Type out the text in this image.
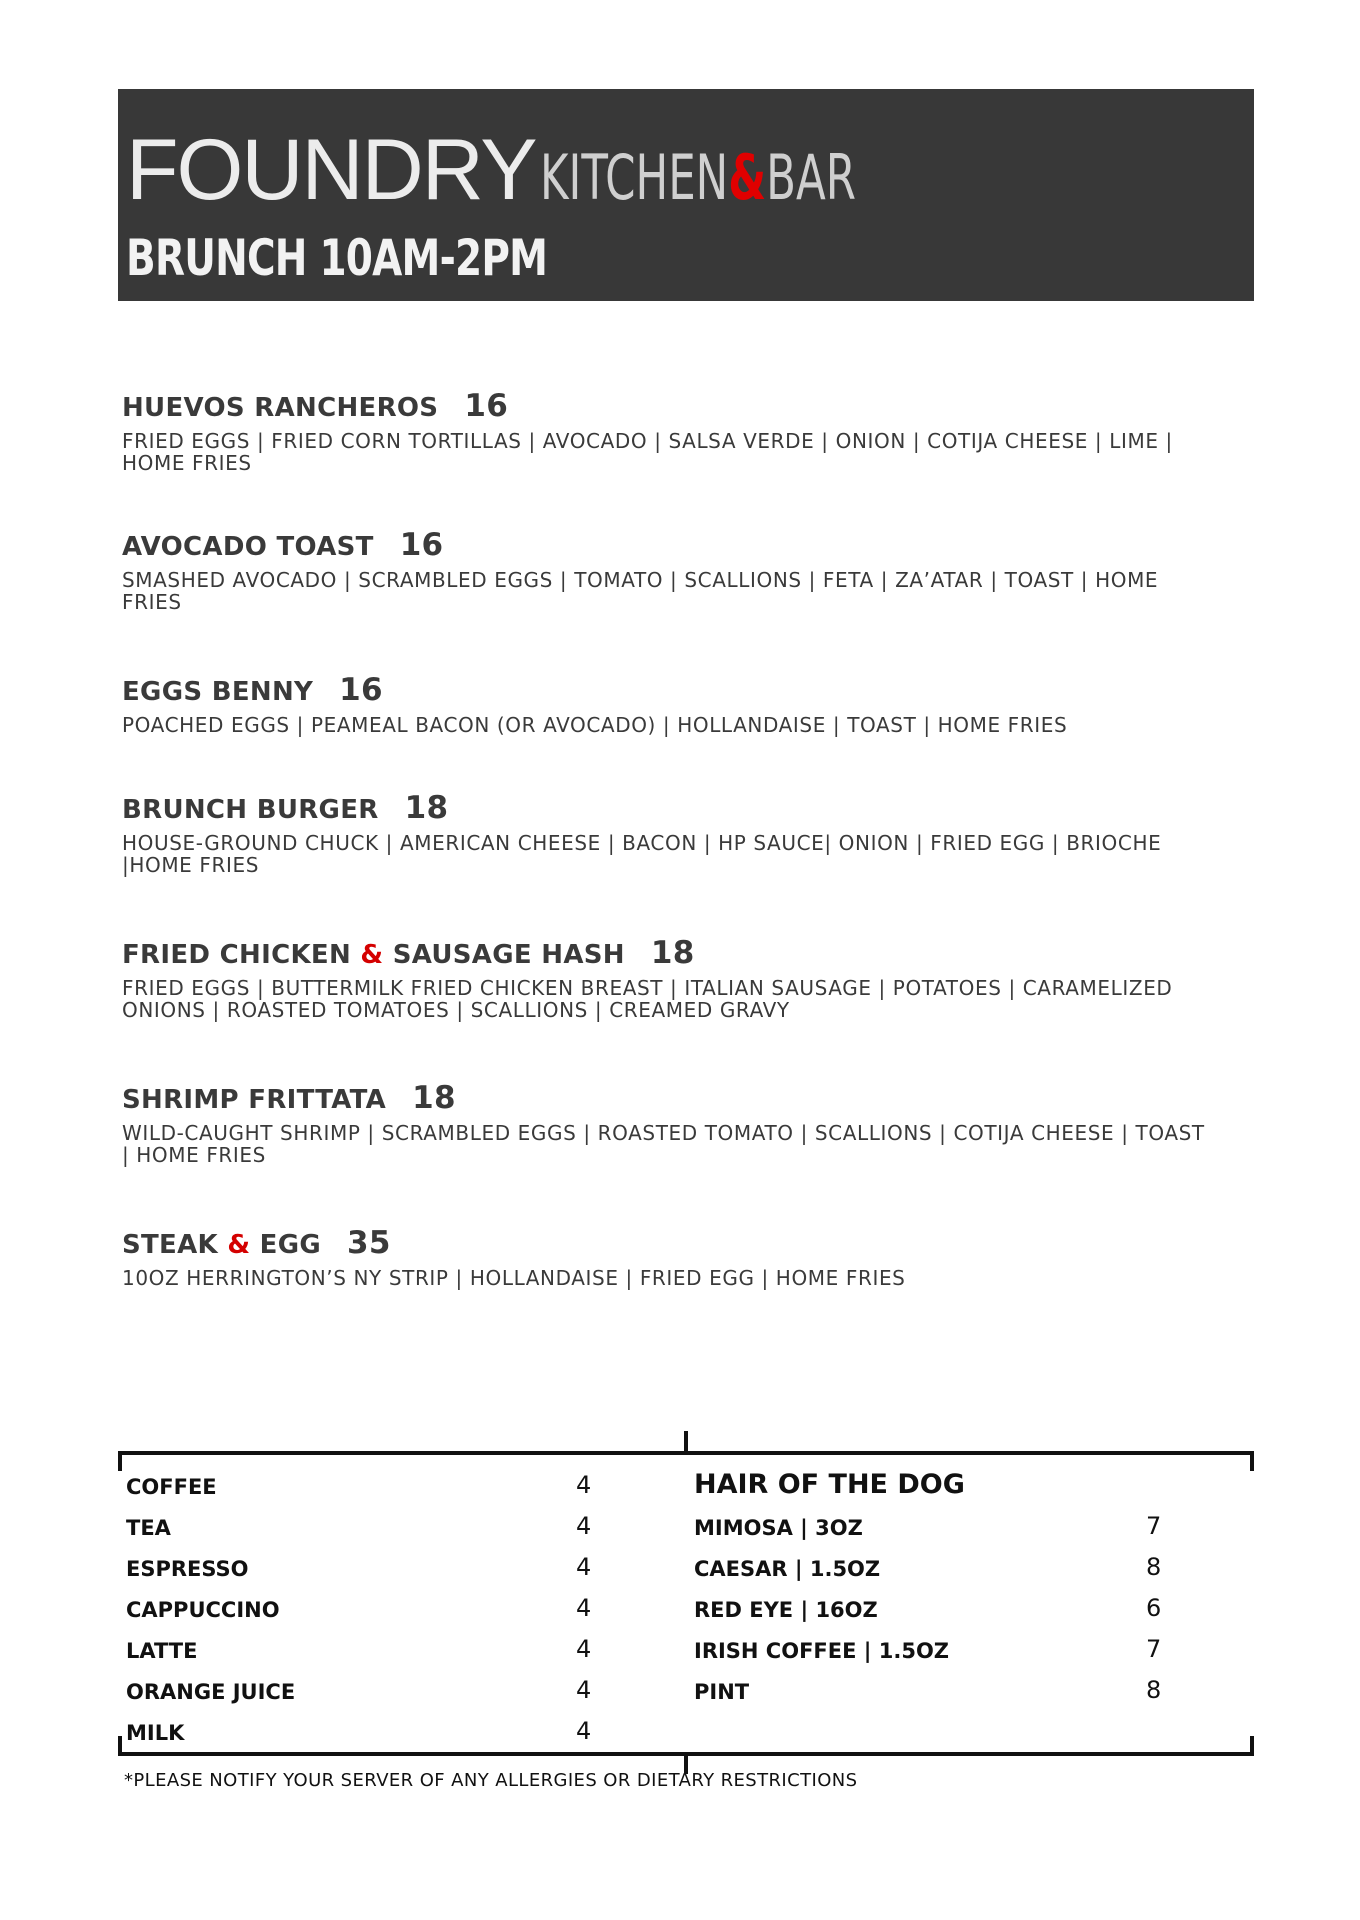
FOUNDRYKITCHEN&BAR
BRUNCH 10AM-2PM
HUEVOS RANCHEROS 16
FRIED EGGS | FRIED CORN TORTILLAS | AVOCADO | SALSA VERDE | ONION | COTIJA CHEESE | LIME |
HOME FRIES
AVOCADO TOAST 16
SMASHED AVOCADO | SCRAMBLED EGGS | TOMATO | SCALLIONS | FETA | ZA’ATAR | TOAST | HOME
FRIES
EGGS BENNY 16
POACHED EGGS | PEAMEAL BACON (OR AVOCADO) | HOLLANDAISE | TOAST | HOME FRIES
BRUNCH BURGER 18
HOUSE-GROUND CHUCK | AMERICAN CHEESE | BACON | HP SAUCE| ONION | FRIED EGG | BRIOCHE
|HOME FRIES
FRIED CHICKEN & SAUSAGE HASH 18
FRIED EGGS | BUTTERMILK FRIED CHICKEN BREAST | ITALIAN SAUSAGE | POTATOES | CARAMELIZED
ONIONS | ROASTED TOMATOES | SCALLIONS | CREAMED GRAVY
SHRIMP FRITTATA 18
WILD-CAUGHT SHRIMP | SCRAMBLED EGGS | ROASTED TOMATO | SCALLIONS | COTIJA CHEESE | TOAST
| HOME FRIES
STEAK & EGG 35
10OZ HERRINGTON’S NY STRIP | HOLLANDAISE | FRIED EGG | HOME FRIES
COFFEE	4
TEA	4
ESPRESSO	4
CAPPUCCINO	4
LATTE	4
ORANGE JUICE	4
MILK	4
HAIR OF THE DOG
MIMOSA | 3OZ	7
CAESAR | 1.5OZ	8
RED EYE | 16OZ	6
IRISH COFFEE | 1.5OZ	7
PINT	8
*PLEASE NOTIFY YOUR SERVER OF ANY ALLERGIES OR DIETARY RESTRICTIONS
